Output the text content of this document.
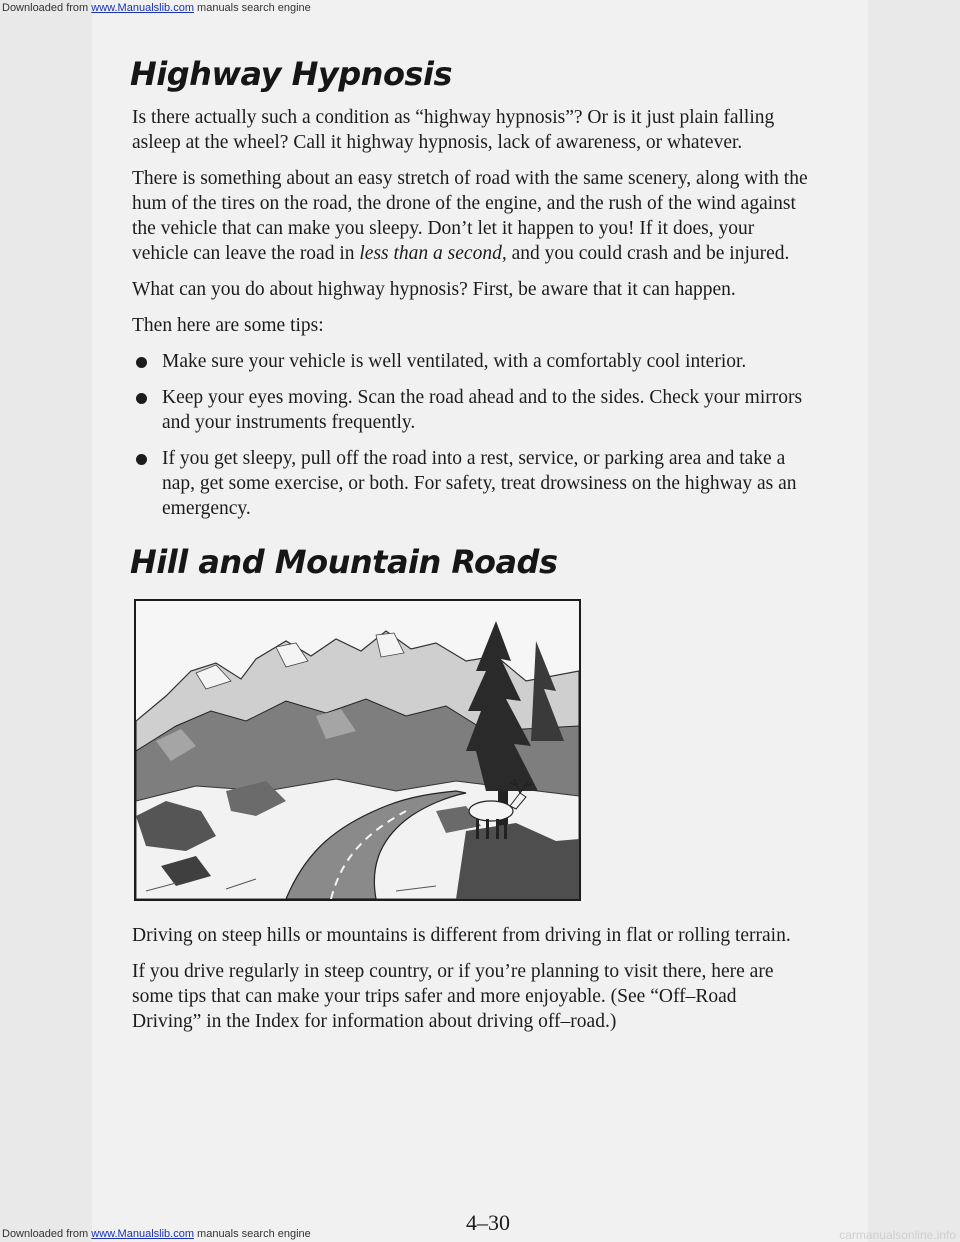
Downloaded from www.Manualslib.com manuals search engine
Highway Hypnosis

Is there actually such a condition as “highway hypnosis”? Or is it just plain falling asleep at the wheel? Call it highway hypnosis, lack of awareness, or whatever.

There is something about an easy stretch of road with the same scenery, along with the hum of the tires on the road, the drone of the engine, and the rush of the wind against the vehicle that can make you sleepy. Don’t let it happen to you! If it does, your vehicle can leave the road in less than a second, and you could crash and be injured.

What can you do about highway hypnosis? First, be aware that it can happen.

Then here are some tips:

Make sure your vehicle is well ventilated, with a comfortably cool interior.
Keep your eyes moving. Scan the road ahead and to the sides. Check your mirrors and your instruments frequently.
If you get sleepy, pull off the road into a rest, service, or parking area and take a nap, get some exercise, or both. For safety, treat drowsiness on the highway as an emergency.
Hill and Mountain Roads

Driving on steep hills or mountains is different from driving in flat or rolling terrain.

If you drive regularly in steep country, or if you’re planning to visit there, here are some tips that can make your trips safer and more enjoyable. (See “Off–Road Driving” in the Index for information about driving off–road.)

4–30
Downloaded from www.Manualslib.com manuals search engine	carmanualsonline.info
